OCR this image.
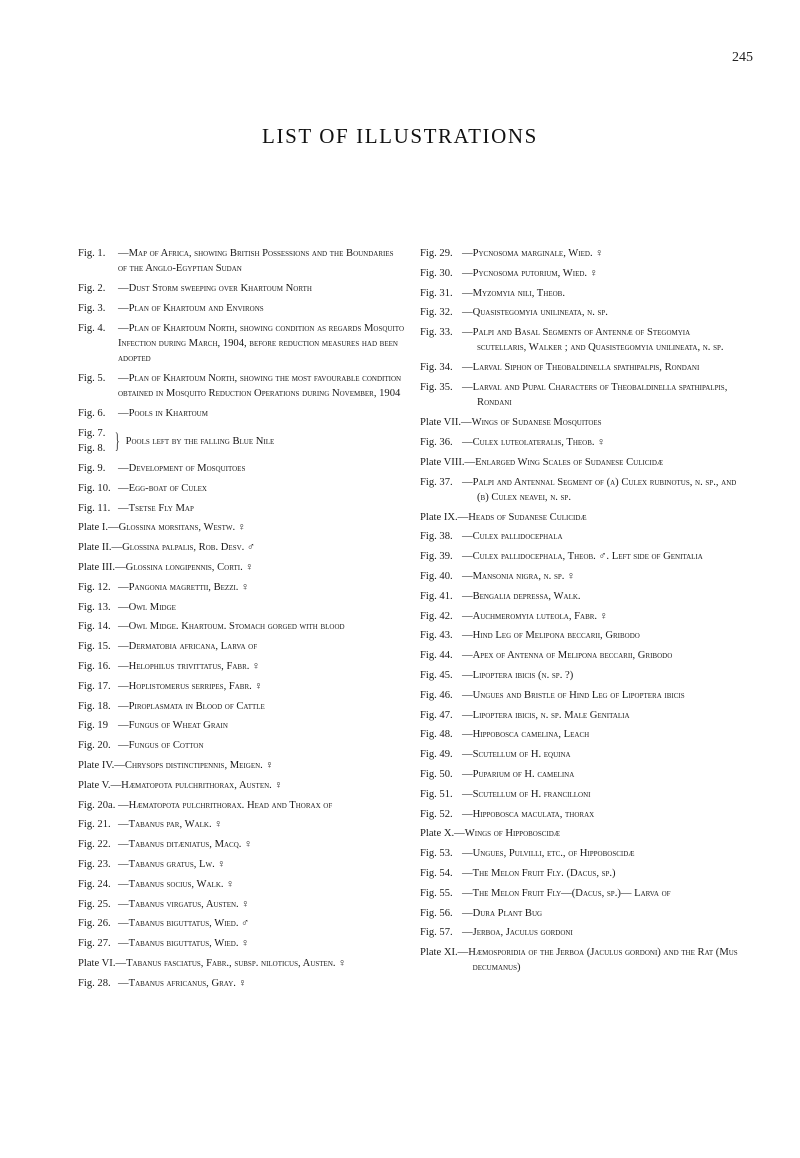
245
LIST OF ILLUSTRATIONS
Fig. 1.	—Map of Africa, showing British Possessions and the Boundaries of the Anglo-Egyptian Sudan
Fig. 2.	—Dust Storm sweeping over Khartoum North
Fig. 3.	—Plan of Khartoum and Environs
Fig. 4.	—Plan of Khartoum North, showing condition as regards Mosquito Infection during March, 1904, before reduction measures had been adopted
Fig. 5.	—Plan of Khartoum North, showing the most favourable condition obtained in Mosquito Reduction Operations during November, 1904
Fig. 6.	—Pools in Khartoum
Fig. 7.
Fig. 8. } Pools left by the falling Blue Nile
Fig. 9.	—Development of Mosquitoes
Fig. 10. —Egg-boat of Culex
Fig. 11. —Tsetse Fly Map
Plate I. —Glossina morsitans, Westw. ♀
Plate II. —Glossina palpalis, Rob. Desv. ♂
Plate III. —Glossina longipennis, Corti. ♀
Fig. 12. —Pangonia magrettii, Bezzi. ♀
Fig. 13. —Owl Midge
Fig. 14. —Owl Midge. Khartoum. Stomach gorged with blood
Fig. 15. —Dermatobia africana, Larva of
Fig. 16. —Helophilus trivittatus, Fabr. ♀
Fig. 17. —Hoplistomerus serripes, Fabr. ♀
Fig. 18. —Piroplasmata in Blood of Cattle
Fig. 19 —Fungus of Wheat Grain
Fig. 20. —Fungus of Cotton
Plate IV. —Chrysops distinctipennis, Meigen. ♀
Plate V. —Hæmatopota pulchrithorax, Austen. ♀
Fig. 20a. —Hæmatopota pulchrithorax. Head and Thorax of
Fig. 21. —Tabanus par, Walk. ♀
Fig. 22. —Tabanus ditæniatus, Macq. ♀
Fig. 23. —Tabanus gratus, Lw. ♀
Fig. 24. —Tabanus socius, Walk. ♀
Fig. 25. —Tabanus virgatus, Austen. ♀
Fig. 26. —Tabanus biguttatus, Wied. ♂
Fig. 27. —Tabanus biguttatus, Wied. ♀
Plate VI. —Tabanus fasciatus, Fabr., subsp. niloticus, Austen. ♀
Fig. 28. —Tabanus africanus, Gray. ♀
Fig. 29. —Pycnosoma marginale, Wied. ♀
Fig. 30. —Pycnosoma putorium, Wied. ♀
Fig. 31. —Myzomyia nili, Theob.
Fig. 32. —Quasistegomyia unilineata, n. sp.
Fig. 33. —Palpi and Basal Segments of Antennæ of Stegomyia scutellaris, Walker ; and Quasistegomyia unilineata, n. sp.
Fig. 34. —Larval Siphon of Theobaldinella spathipalpis, Rondani
Fig. 35. —Larval and Pupal Characters of Theobaldinella spathipalpis, Rondani
Plate VII. —Wings of Sudanese Mosquitoes
Fig. 36. —Culex luteolateralis, Theob. ♀
Plate VIII. —Enlarged Wing Scales of Sudanese Culicidæ
Fig. 37. —Palpi and Antennal Segment of (a) Culex rubinotus, n. sp., and (b) Culex neavei, n. sp.
Plate IX. —Heads of Sudanese Culicidæ
Fig. 38. —Culex pallidocephala
Fig. 39. —Culex pallidocephala, Theob. ♂. Left side of Genitalia
Fig. 40. —Mansonia nigra, n. sp. ♀
Fig. 41. —Bengalia depressa, Walk.
Fig. 42. —Auchmeromyia luteola, Fabr. ♀
Fig. 43. —Hind Leg of Melipona beccarii, Gribodo
Fig. 44. —Apex of Antenna of Melipona beccarii, Gribodo
Fig. 45. —Lipoptera ibicis (n. sp. ?)
Fig. 46. —Ungues and Bristle of Hind Leg of Lipoptera ibicis
Fig. 47. —Lipoptera ibicis, n. sp. Male Genitalia
Fig. 48. —Hippobosca camelina, Leach
Fig. 49. —Scutellum of H. equina
Fig. 50. —Puparium of H. camelina
Fig. 51. —Scutellum of H. francilloni
Fig. 52. —Hippobosca maculata, thorax
Plate X. —Wings of Hippoboscidæ
Fig. 53. —Ungues, Pulvilli, etc., of Hippoboscidæ
Fig. 54. —The Melon Fruit Fly. (Dacus, sp.)
Fig. 55. —The Melon Fruit Fly—(Dacus, sp.)— Larva of
Fig. 56. —Dura Plant Bug
Fig. 57. —Jerboa, Jaculus gordoni
Plate XI. —Hæmosporidia of the Jerboa (Jaculus gordoni) and the Rat (Mus decumanus)
